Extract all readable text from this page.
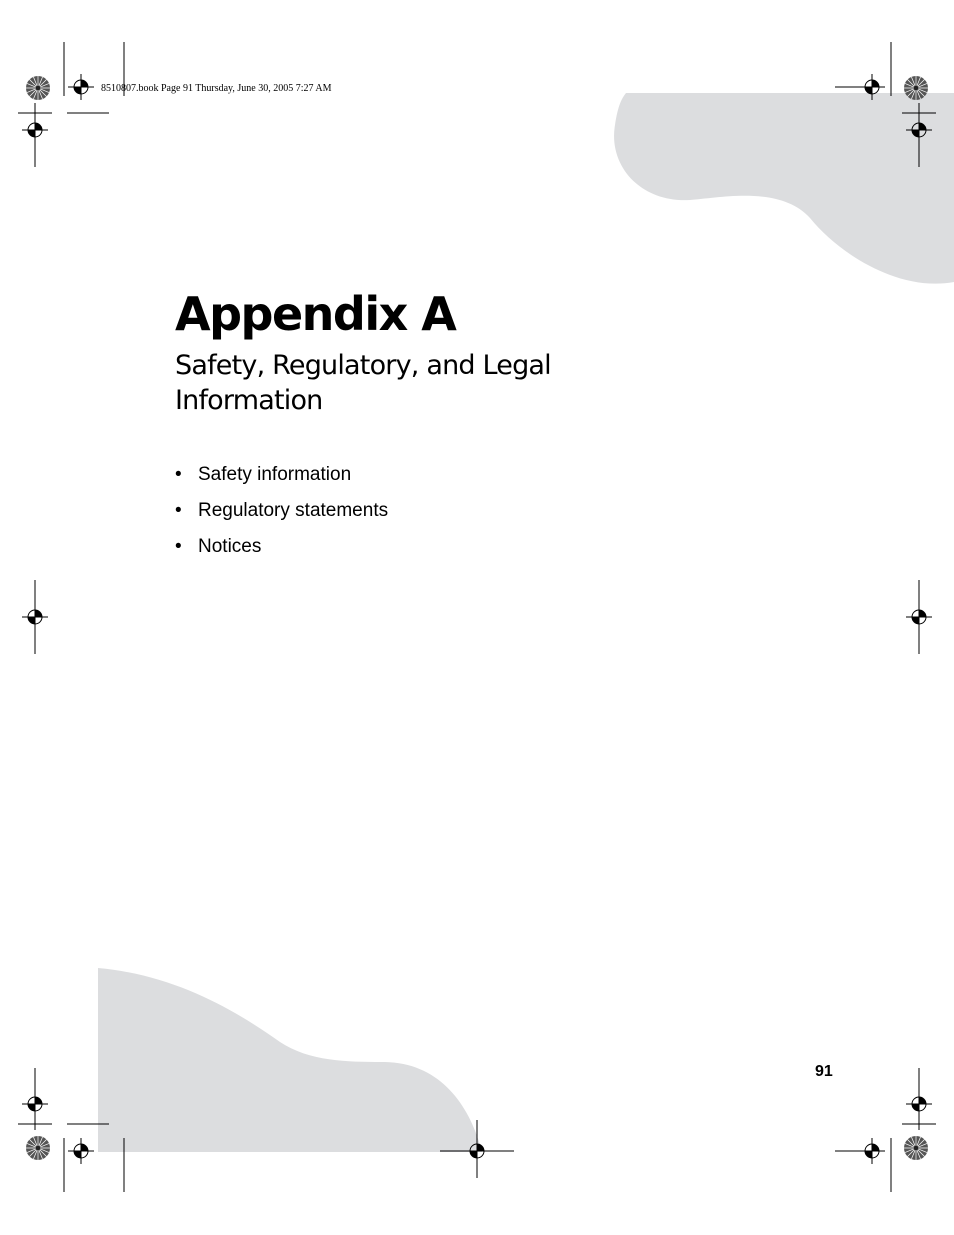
8510807.book Page 91 Thursday, June 30, 2005 7:27 AM
Appendix A
Safety, Regulatory, and Legal Information
• Safety information
• Regulatory statements
• Notices
91
